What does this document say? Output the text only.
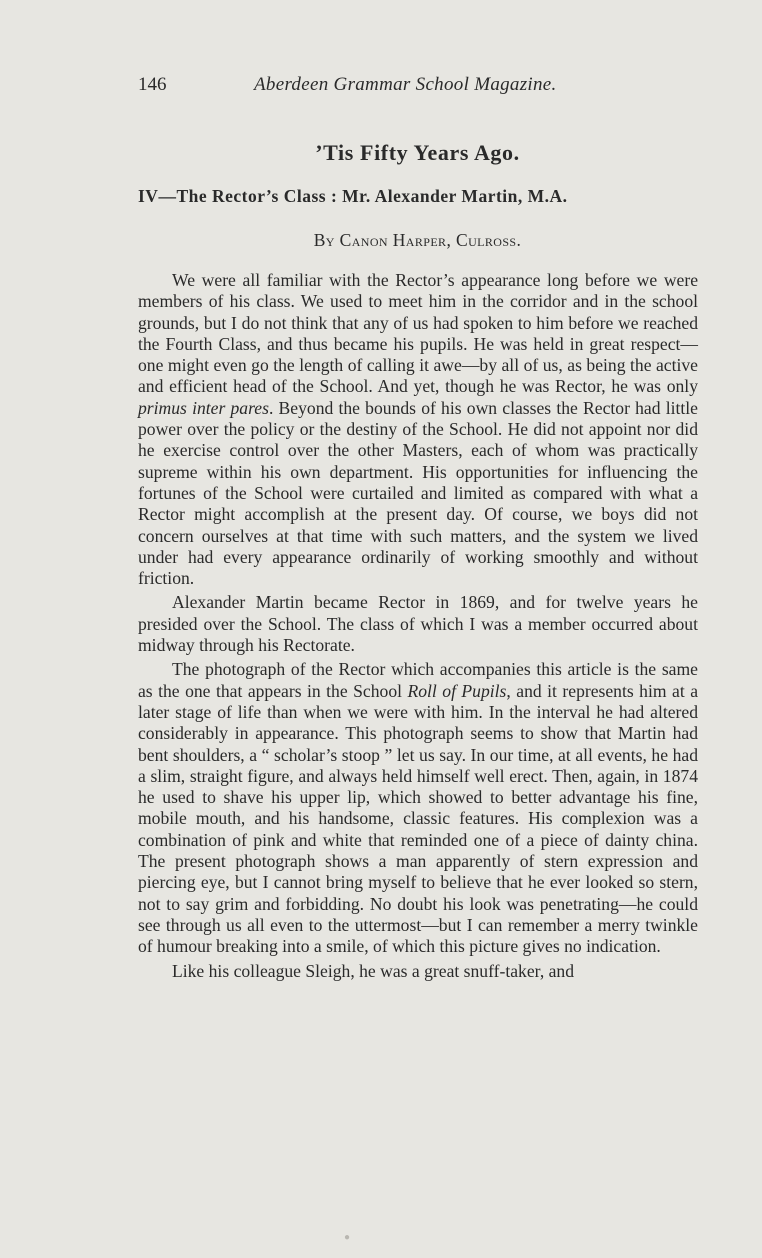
146	Aberdeen Grammar School Magazine.
’Tis Fifty Years Ago.
IV—The Rector’s Class : Mr. Alexander Martin, M.A.
By Canon Harper, Culross.

We were all familiar with the Rector’s appearance long before we were members of his class. We used to meet him in the corridor and in the school grounds, but I do not think that any of us had spoken to him before we reached the Fourth Class, and thus became his pupils. He was held in great respect—one might even go the length of calling it awe—by all of us, as being the active and efficient head of the School. And yet, though he was Rector, he was only primus inter pares. Beyond the bounds of his own classes the Rector had little power over the policy or the destiny of the School. He did not appoint nor did he exercise control over the other Masters, each of whom was practically supreme within his own department. His opportunities for influencing the fortunes of the School were curtailed and limited as compared with what a Rector might accomplish at the present day. Of course, we boys did not concern ourselves at that time with such matters, and the system we lived under had every appearance ordinarily of working smoothly and without friction.

Alexander Martin became Rector in 1869, and for twelve years he presided over the School. The class of which I was a member occurred about midway through his Rectorate.

The photograph of the Rector which accompanies this article is the same as the one that appears in the School Roll of Pupils, and it represents him at a later stage of life than when we were with him. In the interval he had altered considerably in appearance. This photograph seems to show that Martin had bent shoulders, a “ scholar’s stoop ” let us say. In our time, at all events, he had a slim, straight figure, and always held himself well erect. Then, again, in 1874 he used to shave his upper lip, which showed to better advantage his fine, mobile mouth, and his handsome, classic features. His complexion was a combination of pink and white that reminded one of a piece of dainty china. The present photograph shows a man apparently of stern expression and piercing eye, but I cannot bring myself to believe that he ever looked so stern, not to say grim and forbidding. No doubt his look was penetrating—he could see through us all even to the uttermost—but I can remember a merry twinkle of humour breaking into a smile, of which this picture gives no indication.

Like his colleague Sleigh, he was a great snuff-taker, and

●
